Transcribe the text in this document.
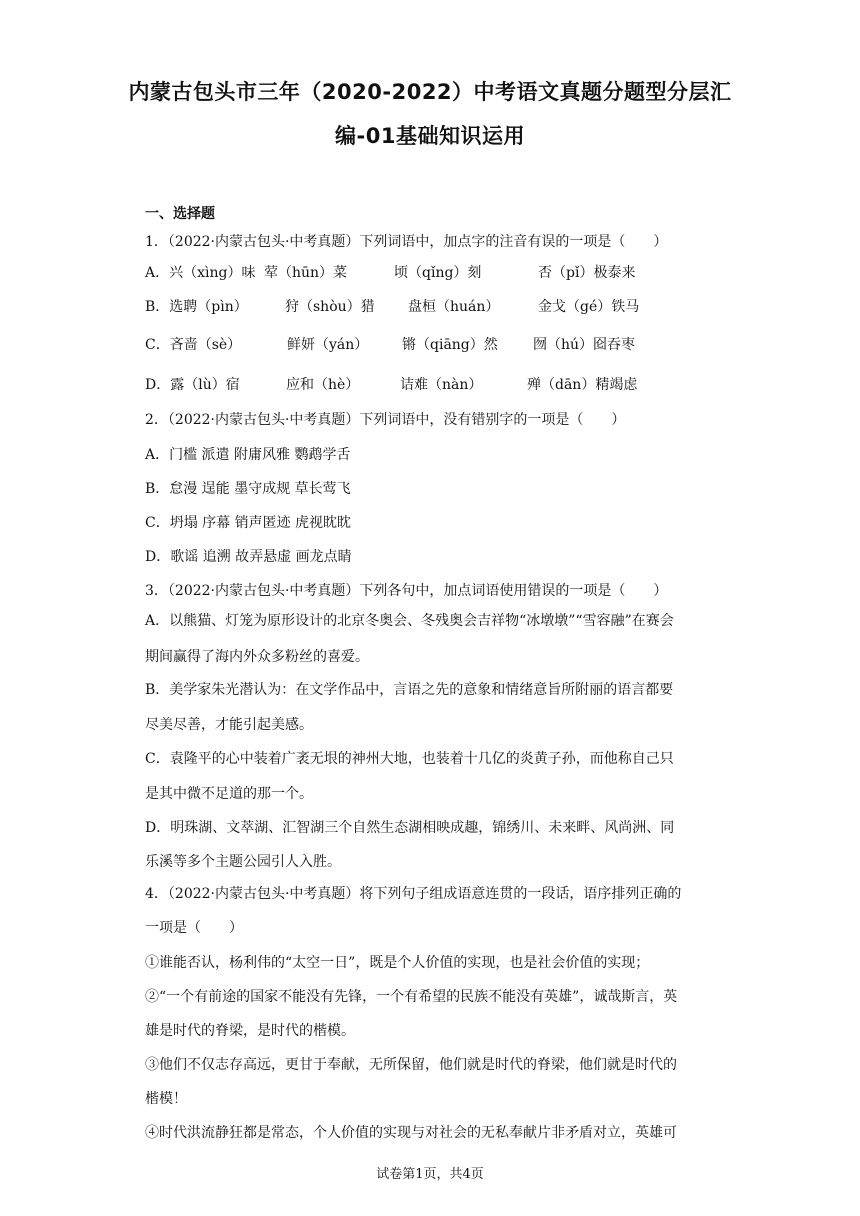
内蒙古包头市三年（2020-2022）中考语文真题分题型分层汇
编-01基础知识运用
一、选择题
1．（2022·内蒙古包头·中考真题）下列词语中，加点字的注音有误的一项是（　　）
A．兴（xìng）味 荤（hūn）菜	顷（qǐng）刻	否（pǐ）极泰来
B．选聘（pìn）	狩（shòu）猎 盘桓（huán）	金戈（gé）铁马
C．吝啬（sè）	鲜妍（yán） 锵（qiāng）然	囫（hú）囵吞枣
D．露（lù）宿	应和（hè）	诘难（nàn）	殚（dān）精竭虑
2．（2022·内蒙古包头·中考真题）下列词语中，没有错别字的一项是（　　）
A．门槛 派遣 附庸风雅 鹦鹉学舌
B．怠漫 逞能 墨守成规 草长莺飞
C．坍塌 序幕 销声匿迹 虎视眈眈
D．歌谣 追溯 故弄悬虚 画龙点睛
3．（2022·内蒙古包头·中考真题）下列各句中，加点词语使用错误的一项是（　　）
A．以熊猫、灯笼为原形设计的北京冬奥会、冬残奥会吉祥物“冰墩墩”“雪容融”在赛会
期间赢得了海内外众多粉丝的喜爱。
B．美学家朱光潜认为：在文学作品中，言语之先的意象和情绪意旨所附丽的语言都要
尽美尽善，才能引起美感。
C．袁隆平的心中装着广袤无垠的神州大地，也装着十几亿的炎黄子孙，而他称自己只
是其中微不足道的那一个。
D．明珠湖、文萃湖、汇智湖三个自然生态湖相映成趣，锦绣川、未来畔、风尚洲、同
乐溪等多个主题公园引人入胜。
4．（2022·内蒙古包头·中考真题）将下列句子组成语意连贯的一段话，语序排列正确的
一项是（　　）
①谁能否认，杨利伟的“太空一日”，既是个人价值的实现，也是社会价值的实现；
②“一个有前途的国家不能没有先锋，一个有希望的民族不能没有英雄”，诚哉斯言，英
雄是时代的脊梁，是时代的楷模。
③他们不仅志存高远，更甘于奉献，无所保留，他们就是时代的脊梁，他们就是时代的
楷模！
④时代洪流静狂都是常态，个人价值的实现与对社会的无私奉献片非矛盾对立，英雄可
试卷第1页，共4页
